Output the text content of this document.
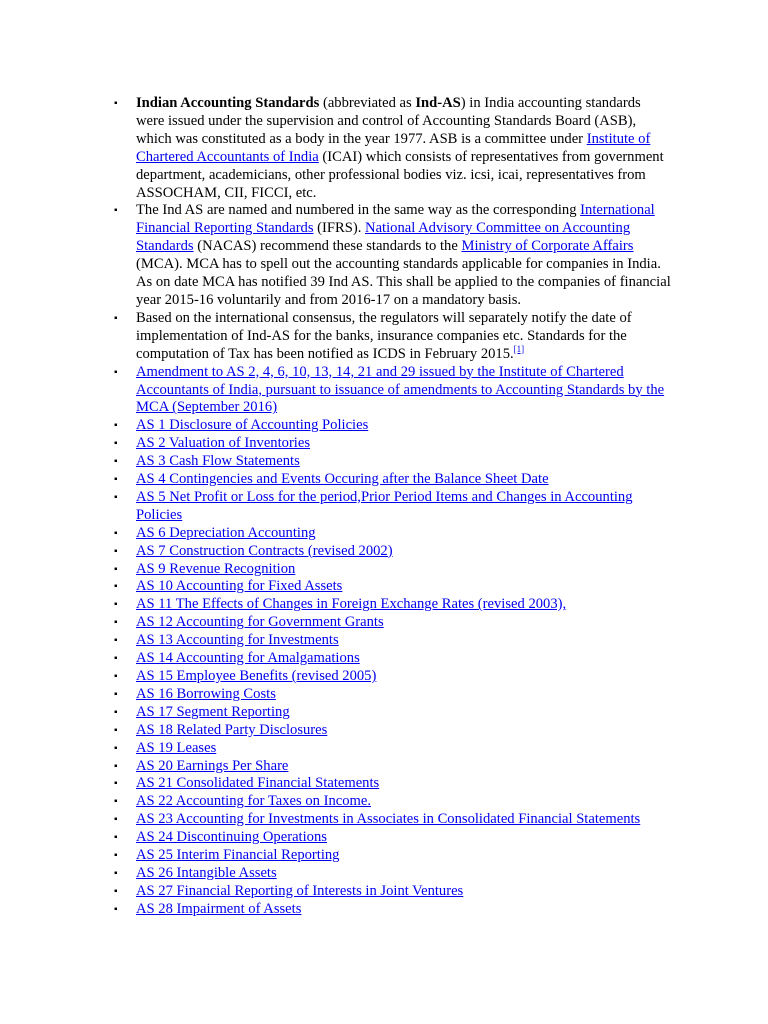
▪ Indian Accounting Standards (abbreviated as Ind-AS) in India accounting standards were issued under the supervision and control of Accounting Standards Board (ASB), which was constituted as a body in the year 1977. ASB is a committee under Institute of Chartered Accountants of India (ICAI) which consists of representatives from government department, academicians, other professional bodies viz. icsi, icai, representatives from ASSOCHAM, CII, FICCI, etc.
▪ The Ind AS are named and numbered in the same way as the corresponding International Financial Reporting Standards (IFRS). National Advisory Committee on Accounting Standards (NACAS) recommend these standards to the Ministry of Corporate Affairs (MCA). MCA has to spell out the accounting standards applicable for companies in India. As on date MCA has notified 39 Ind AS. This shall be applied to the companies of financial year 2015-16 voluntarily and from 2016-17 on a mandatory basis.
▪ Based on the international consensus, the regulators will separately notify the date of implementation of Ind-AS for the banks, insurance companies etc. Standards for the computation of Tax has been notified as ICDS in February 2015.[1]
▪ Amendment to AS 2, 4, 6, 10, 13, 14, 21 and 29 issued by the Institute of Chartered Accountants of India, pursuant to issuance of amendments to Accounting Standards by the MCA (September 2016)
▪ AS 1 Disclosure of Accounting Policies
▪ AS 2 Valuation of Inventories
▪ AS 3 Cash Flow Statements
▪ AS 4 Contingencies and Events Occuring after the Balance Sheet Date
▪ AS 5 Net Profit or Loss for the period,Prior Period Items and Changes in Accounting Policies
▪ AS 6 Depreciation Accounting
▪ AS 7 Construction Contracts (revised 2002)
▪ AS 9 Revenue Recognition
▪ AS 10 Accounting for Fixed Assets
▪ AS 11 The Effects of Changes in Foreign Exchange Rates (revised 2003),
▪ AS 12 Accounting for Government Grants
▪ AS 13 Accounting for Investments
▪ AS 14 Accounting for Amalgamations
▪ AS 15 Employee Benefits (revised 2005)
▪ AS 16 Borrowing Costs
▪ AS 17 Segment Reporting
▪ AS 18 Related Party Disclosures
▪ AS 19 Leases
▪ AS 20 Earnings Per Share
▪ AS 21 Consolidated Financial Statements
▪ AS 22 Accounting for Taxes on Income.
▪ AS 23 Accounting for Investments in Associates in Consolidated Financial Statements
▪ AS 24 Discontinuing Operations
▪ AS 25 Interim Financial Reporting
▪ AS 26 Intangible Assets
▪ AS 27 Financial Reporting of Interests in Joint Ventures
▪ AS 28 Impairment of Assets
